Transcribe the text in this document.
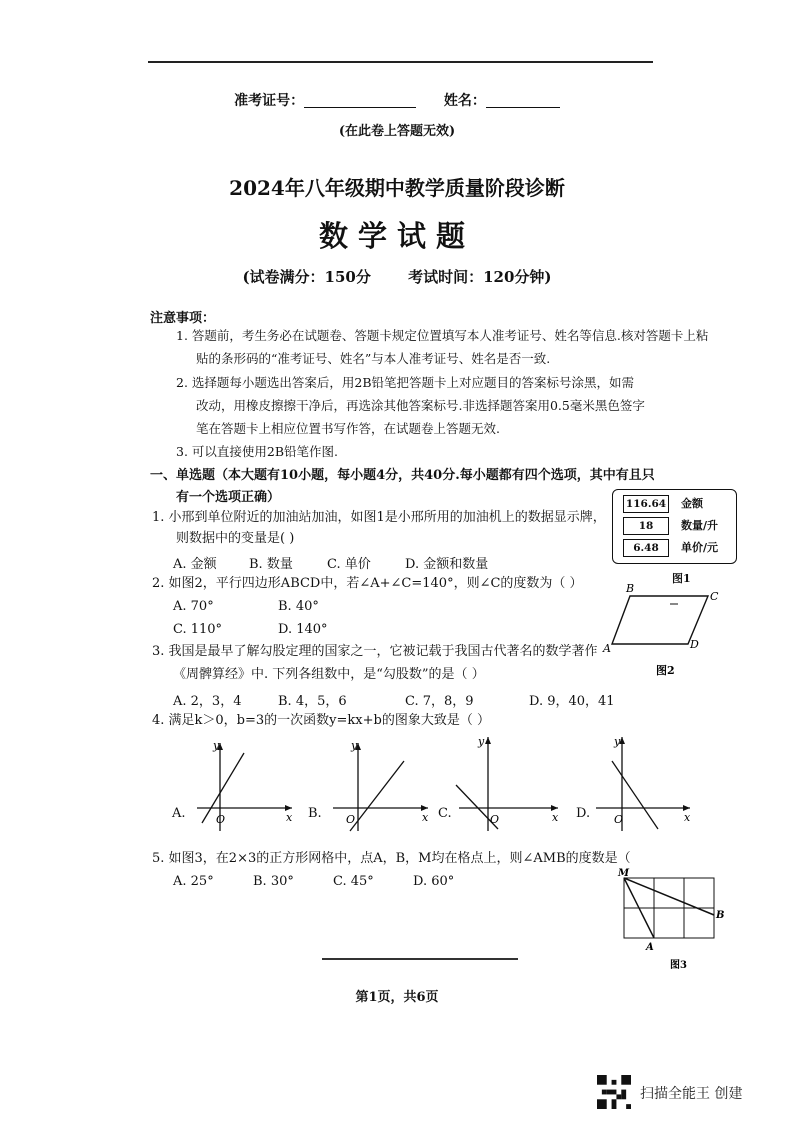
准考证号：	姓名：
(在此卷上答题无效)
2024年八年级期中教学质量阶段诊断
数学试题
(试卷满分：150分 考试时间：120分钟)
注意事项：
1. 答题前，考生务必在试题卷、答题卡规定位置填写本人准考证号、姓名等信息.核对答题卡上粘
贴的条形码的“准考证号、姓名”与本人准考证号、姓名是否一致.
2. 选择题每小题选出答案后，用2B铅笔把答题卡上对应题目的答案标号涂黑，如需
改动，用橡皮擦擦干净后，再选涂其他答案标号.非选择题答案用0.5毫米黑色签字
笔在答题卡上相应位置书写作答，在试题卷上答题无效.
3. 可以直接使用2B铅笔作图.
一、单选题（本大题有10小题，每小题4分，共40分.每小题都有四个选项，其中有且只
有一个选项正确）
1. 小邢到单位附近的加油站加油，如图1是小邢所用的加油机上的数据显示牌，
则数据中的变量是( )
A. 金额 B. 数量	C. 单价	D. 金额和数量
116.64 金额
18	数量/升
6.48 单价/元
图1
2. 如图2，平行四边形ABCD中，若∠A+∠C=140°，则∠C的度数为（ ）
A. 70°	B. 40°
C. 110°	D. 140°
B
C
A	D
图2
3. 我国是最早了解勾股定理的国家之一，它被记载于我国古代著名的数学著作
《周髀算经》中. 下列各组数中，是“勾股数”的是（ ）
A. 2，3，4	B. 4，5，6	C. 7，8，9	D. 9，40，41
4. 满足k＞0，b=3的一次函数y=kx+b的图象大致是（ ）
A.
y
x
O	B.
y
x
O	C.
y
x
O	D.
y
x
O
5. 如图3，在2×3的正方形网格中，点A，B，M均在格点上，则∠AMB的度数是（
A. 25°	B. 30°	C. 45°	D. 60°
M
B
A
图3
第1页，共6页
扫描全能王 创建
